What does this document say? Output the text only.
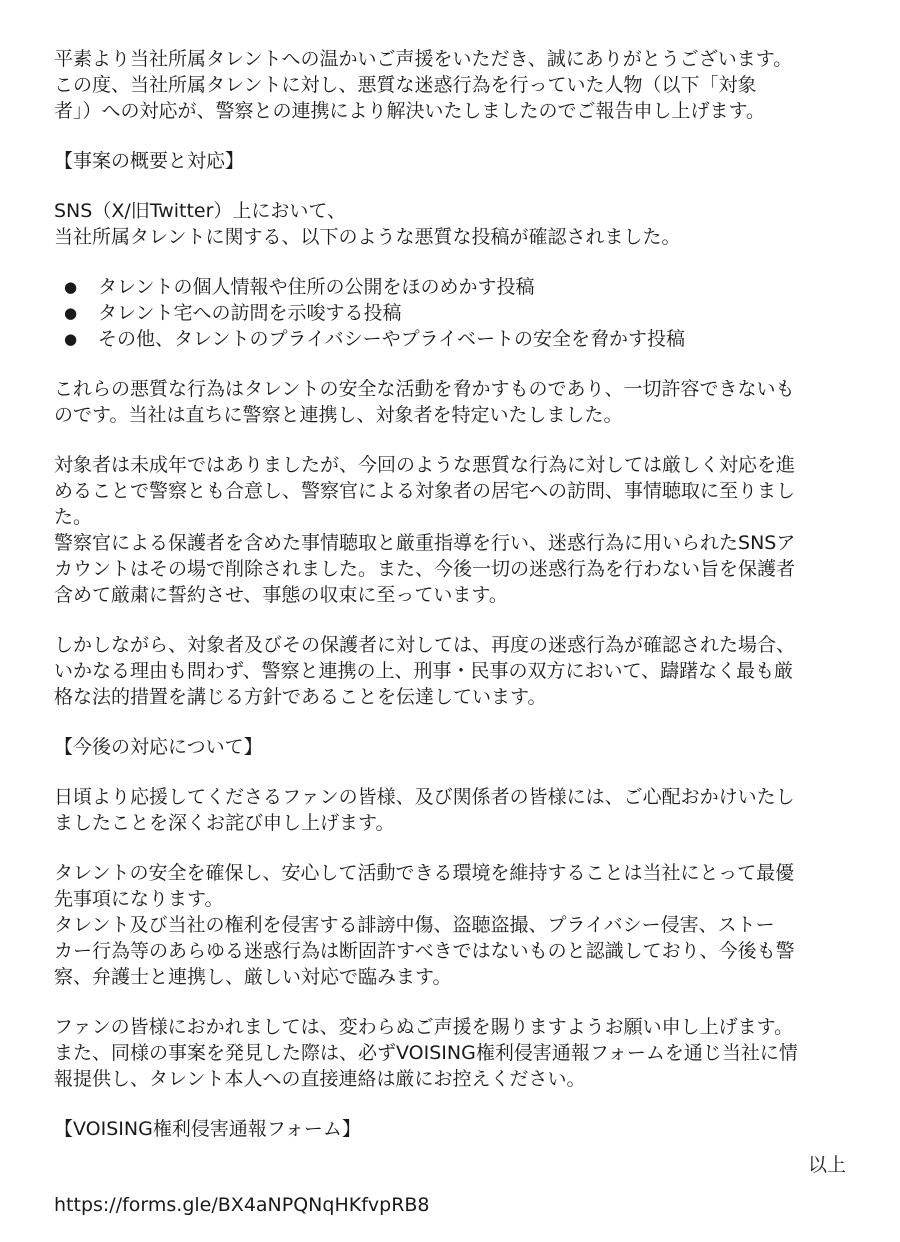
平素より当社所属タレントへの温かいご声援をいただき、誠にありがとうございます。
この度、当社所属タレントに対し、悪質な迷惑行為を行っていた人物（以下「対象
者」）への対応が、警察との連携により解決いたしましたのでご報告申し上げます。

【事案の概要と対応】

SNS（X/旧Twitter）上において、
当社所属タレントに関する、以下のような悪質な投稿が確認されました。

● タレントの個人情報や住所の公開をほのめかす投稿
● タレント宅への訪問を示唆する投稿
● その他、タレントのプライバシーやプライベートの安全を脅かす投稿

これらの悪質な行為はタレントの安全な活動を脅かすものであり、一切許容できないも
のです。当社は直ちに警察と連携し、対象者を特定いたしました。

対象者は未成年ではありましたが、今回のような悪質な行為に対しては厳しく対応を進
めることで警察とも合意し、警察官による対象者の居宅への訪問、事情聴取に至りまし
た。
警察官による保護者を含めた事情聴取と厳重指導を行い、迷惑行為に用いられたSNSア
カウントはその場で削除されました。また、今後一切の迷惑行為を行わない旨を保護者
含めて厳粛に誓約させ、事態の収束に至っています。

しかしながら、対象者及びその保護者に対しては、再度の迷惑行為が確認された場合、
いかなる理由も問わず、警察と連携の上、刑事・民事の双方において、躊躇なく最も厳
格な法的措置を講じる方針であることを伝達しています。

【今後の対応について】

日頃より応援してくださるファンの皆様、及び関係者の皆様には、ご心配おかけいたし
ましたことを深くお詫び申し上げます。

タレントの安全を確保し、安心して活動できる環境を維持することは当社にとって最優
先事項になります。
タレント及び当社の権利を侵害する誹謗中傷、盗聴盗撮、プライバシー侵害、ストー
カー行為等のあらゆる迷惑行為は断固許すべきではないものと認識しており、今後も警
察、弁護士と連携し、厳しい対応で臨みます。

ファンの皆様におかれましては、変わらぬご声援を賜りますようお願い申し上げます。
また、同様の事案を発見した際は、必ずVOISING権利侵害通報フォームを通じ当社に情
報提供し、タレント本人への直接連絡は厳にお控えください。

【VOISING権利侵害通報フォーム】

https://forms.gle/BX4aNPQNqHKfvpRB8

以上
